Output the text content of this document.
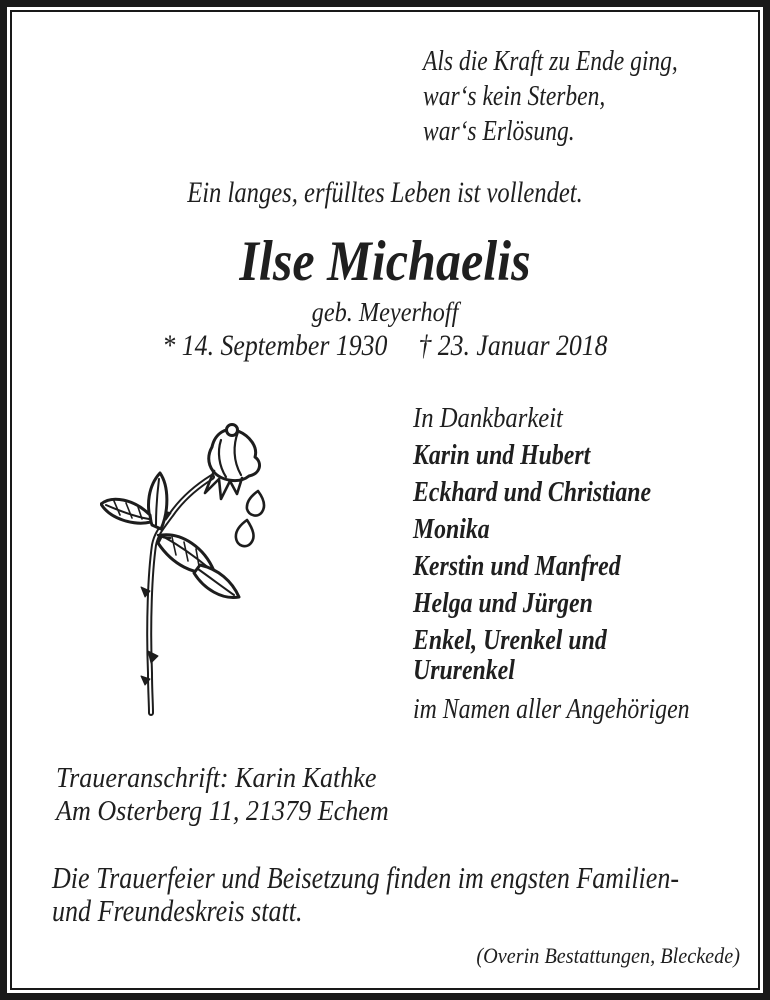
Als die Kraft zu Ende ging,
war‘s kein Sterben,
war‘s Erlösung.
Ein langes, erfülltes Leben ist vollendet.
Ilse Michaelis
geb. Meyerhoff
* 14. September 1930 † 23. Januar 2018
In Dankbarkeit
Karin und Hubert
Eckhard und Christiane
Monika
Kerstin und Manfred
Helga und Jürgen
Enkel, Urenkel und Ururenkel
im Namen aller Angehörigen
Traueranschrift: Karin Kathke
Am Osterberg 11, 21379 Echem
Die Trauerfeier und Beisetzung finden im engsten Familien-
und Freundeskreis statt.
(Overin Bestattungen, Bleckede)
